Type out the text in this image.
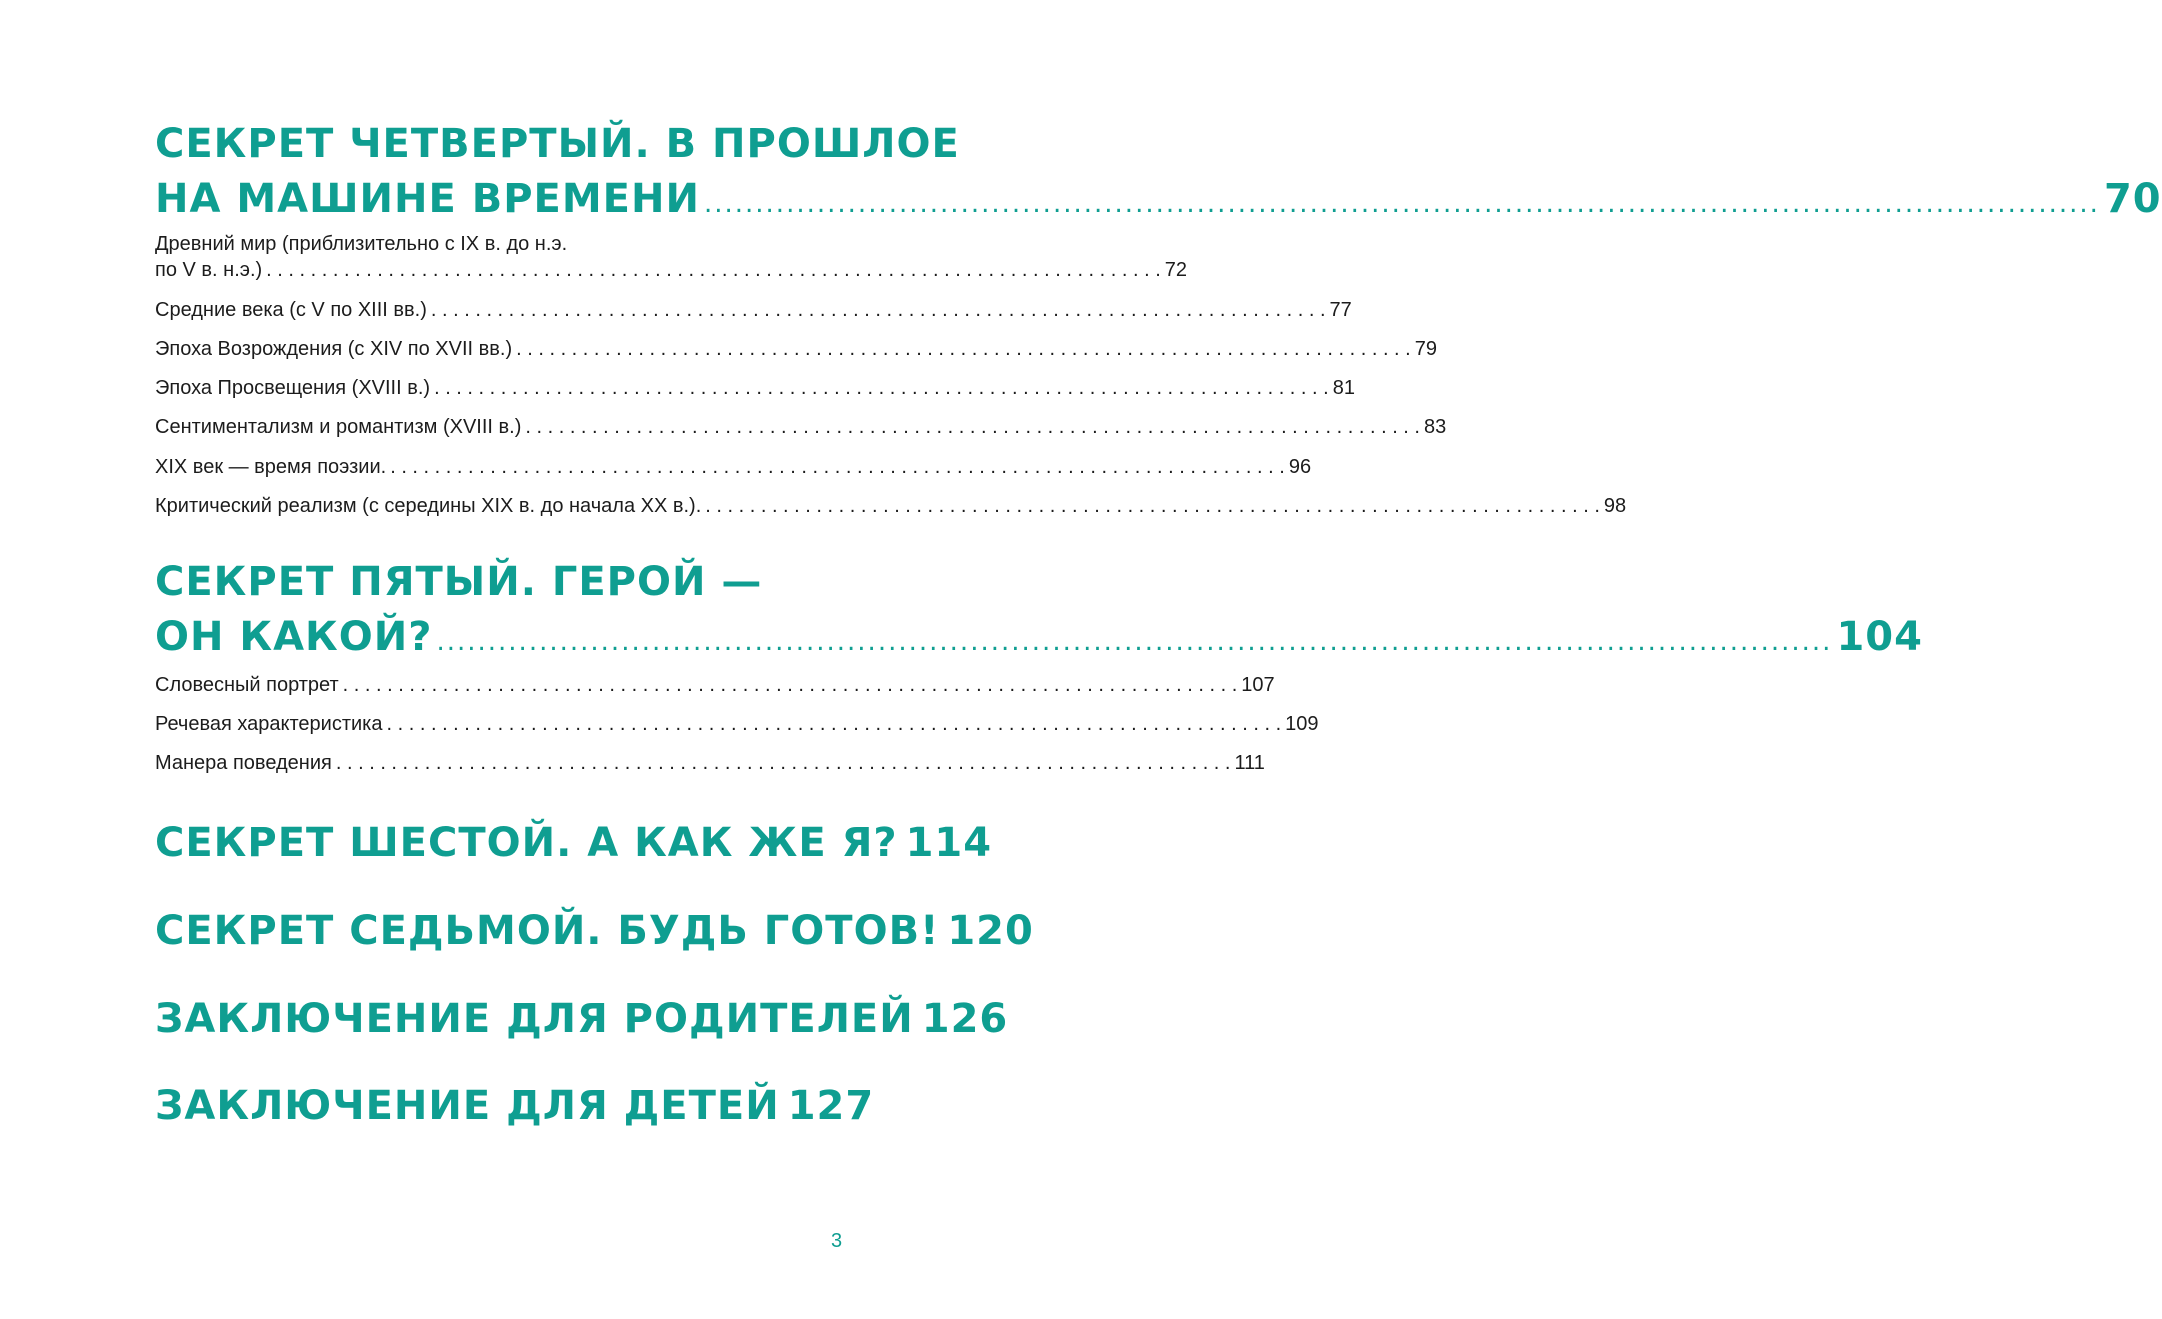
СЕКРЕТ ЧЕТВЕРТЫЙ. В ПРОШЛОЕ
НА МАШИНЕ ВРЕМЕНИ .....	70
Древний мир (приблизительно с IX в. до н.э.
по V в. н.э.) . . .	72
Средние века (с V по XIII вв.) . . .	77
Эпоха Возрождения (с XIV по XVII вв.) . . .	79
Эпоха Просвещения (XVIII в.) . . .	81
Сентиментализм и романтизм (XVIII в.) . . .	83
XIX век — время поэзии. . . .	96
Критический реализм (с середины XIX в. до начала XX в.). . . .	98
СЕКРЕТ ПЯТЫЙ. ГЕРОЙ —
ОН КАКОЙ? .....	104
Словесный портрет . . .	107
Речевая характеристика . . .	109
Манера поведения . . .	111
СЕКРЕТ ШЕСТОЙ. А КАК ЖЕ Я? 114
СЕКРЕТ СЕДЬМОЙ. БУДЬ ГОТОВ! 120
ЗАКЛЮЧЕНИЕ ДЛЯ РОДИТЕЛЕЙ 126
ЗАКЛЮЧЕНИЕ ДЛЯ ДЕТЕЙ 127
3
